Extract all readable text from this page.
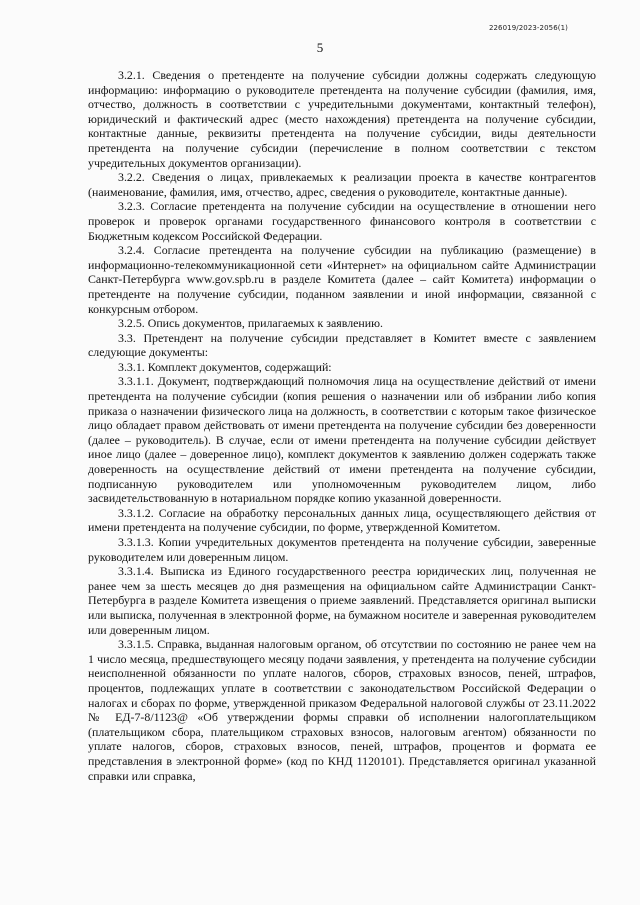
226019/2023-2056(1)
5

3.2.1. Сведения о претенденте на получение субсидии должны содержать следующую информацию: информацию о руководителе претендента на получение субсидии (фамилия, имя, отчество, должность в соответствии с учредительными документами, контактный телефон), юридический и фактический адрес (место нахождения) претендента на получение субсидии, контактные данные, реквизиты претендента на получение субсидии, виды деятельности претендента на получение субсидии (перечисление в полном соответствии с текстом учредительных документов организации).

3.2.2. Сведения о лицах, привлекаемых к реализации проекта в качестве контрагентов (наименование, фамилия, имя, отчество, адрес, сведения о руководителе, контактные данные).

3.2.3. Согласие претендента на получение субсидии на осуществление в отношении него проверок и проверок органами государственного финансового контроля в соответствии с Бюджетным кодексом Российской Федерации.

3.2.4. Согласие претендента на получение субсидии на публикацию (размещение) в информационно-телекоммуникационной сети «Интернет» на официальном сайте Администрации Санкт-Петербурга www.gov.spb.ru в разделе Комитета (далее – сайт Комитета) информации о претенденте на получение субсидии, поданном заявлении и иной информации, связанной с конкурсным отбором.

3.2.5. Опись документов, прилагаемых к заявлению.

3.3. Претендент на получение субсидии представляет в Комитет вместе с заявлением следующие документы:

3.3.1. Комплект документов, содержащий:

3.3.1.1. Документ, подтверждающий полномочия лица на осуществление действий от имени претендента на получение субсидии (копия решения о назначении или об избрании либо копия приказа о назначении физического лица на должность, в соответствии с которым такое физическое лицо обладает правом действовать от имени претендента на получение субсидии без доверенности (далее – руководитель). В случае, если от имени претендента на получение субсидии действует иное лицо (далее – доверенное лицо), комплект документов к заявлению должен содержать также доверенность на осуществление действий от имени претендента на получение субсидии, подписанную руководителем или уполномоченным руководителем лицом, либо засвидетельствованную в нотариальном порядке копию указанной доверенности.

3.3.1.2. Согласие на обработку персональных данных лица, осуществляющего действия от имени претендента на получение субсидии, по форме, утвержденной Комитетом.

3.3.1.3. Копии учредительных документов претендента на получение субсидии, заверенные руководителем или доверенным лицом.

3.3.1.4. Выписка из Единого государственного реестра юридических лиц, полученная не ранее чем за шесть месяцев до дня размещения на официальном сайте Администрации Санкт-Петербурга в разделе Комитета извещения о приеме заявлений. Представляется оригинал выписки или выписка, полученная в электронной форме, на бумажном носителе и заверенная руководителем или доверенным лицом.

3.3.1.5. Справка, выданная налоговым органом, об отсутствии по состоянию не ранее чем на 1 число месяца, предшествующего месяцу подачи заявления, у претендента на получение субсидии неисполненной обязанности по уплате налогов, сборов, страховых взносов, пеней, штрафов, процентов, подлежащих уплате в соответствии с законодательством Российской Федерации о налогах и сборах по форме, утвержденной приказом Федеральной налоговой службы от 23.11.2022 № ЕД-7-8/1123@ «Об утверждении формы справки об исполнении налогоплательщиком (плательщиком сбора, плательщиком страховых взносов, налоговым агентом) обязанности по уплате налогов, сборов, страховых взносов, пеней, штрафов, процентов и формата ее представления в электронной форме» (код по КНД 1120101). Представляется оригинал указанной справки или справка,
